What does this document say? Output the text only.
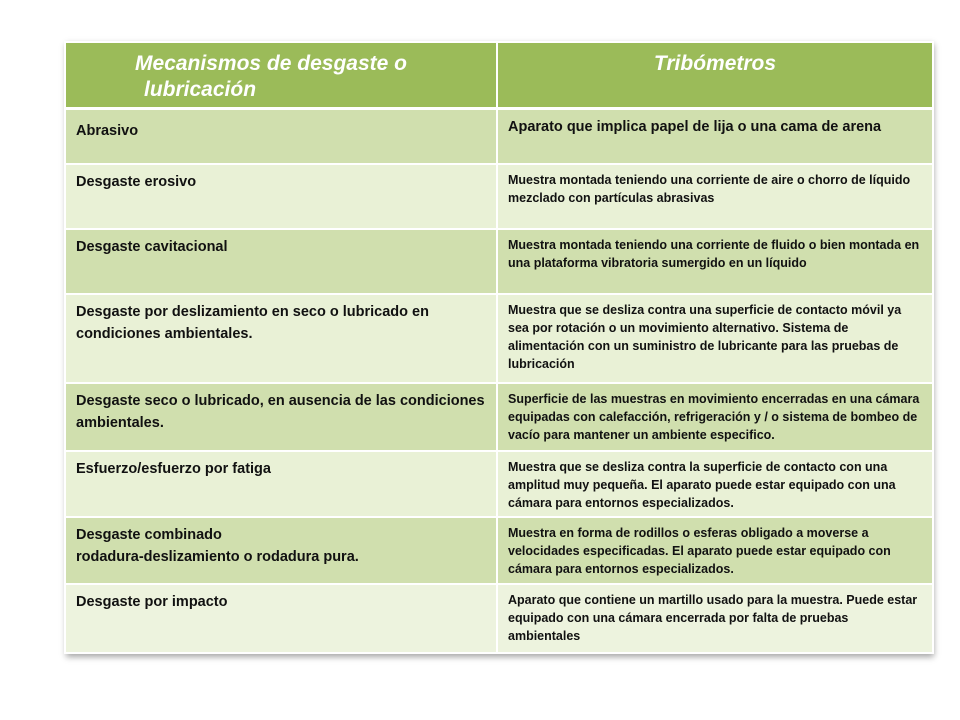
Mecanismos de desgaste o

lubricación	Tribómetros
Abrasivo	Aparato que implica papel de lija o una cama de arena
Desgaste erosivo	Muestra montada teniendo una corriente de aire o chorro de líquido mezclado con partículas abrasivas
Desgaste cavitacional	Muestra montada teniendo una corriente de fluido o bien montada en una plataforma vibratoria sumergido en un líquido
Desgaste por deslizamiento en seco o lubricado en condiciones ambientales.	Muestra que se desliza contra una superficie de contacto móvil ya sea por rotación o un movimiento alternativo. Sistema de alimentación con un suministro de lubricante para las pruebas de lubricación
Desgaste seco o lubricado, en ausencia de las condiciones ambientales.	Superficie de las muestras en movimiento encerradas en una cámara equipadas con calefacción, refrigeración y / o sistema de bombeo de vacío para mantener un ambiente especifico.
Esfuerzo/esfuerzo por fatiga	Muestra que se desliza contra la superficie de contacto con una amplitud muy pequeña. El aparato puede estar equipado con una cámara para entornos especializados.

Desgaste combinado
rodadura-deslizamiento o rodadura pura.	Muestra en forma de rodillos o esferas obligado a moverse a velocidades especificadas. El aparato puede estar equipado con cámara para entornos especializados.
Desgaste por impacto	Aparato que contiene un martillo usado para la muestra. Puede estar equipado con una cámara encerrada por falta de pruebas ambientales
